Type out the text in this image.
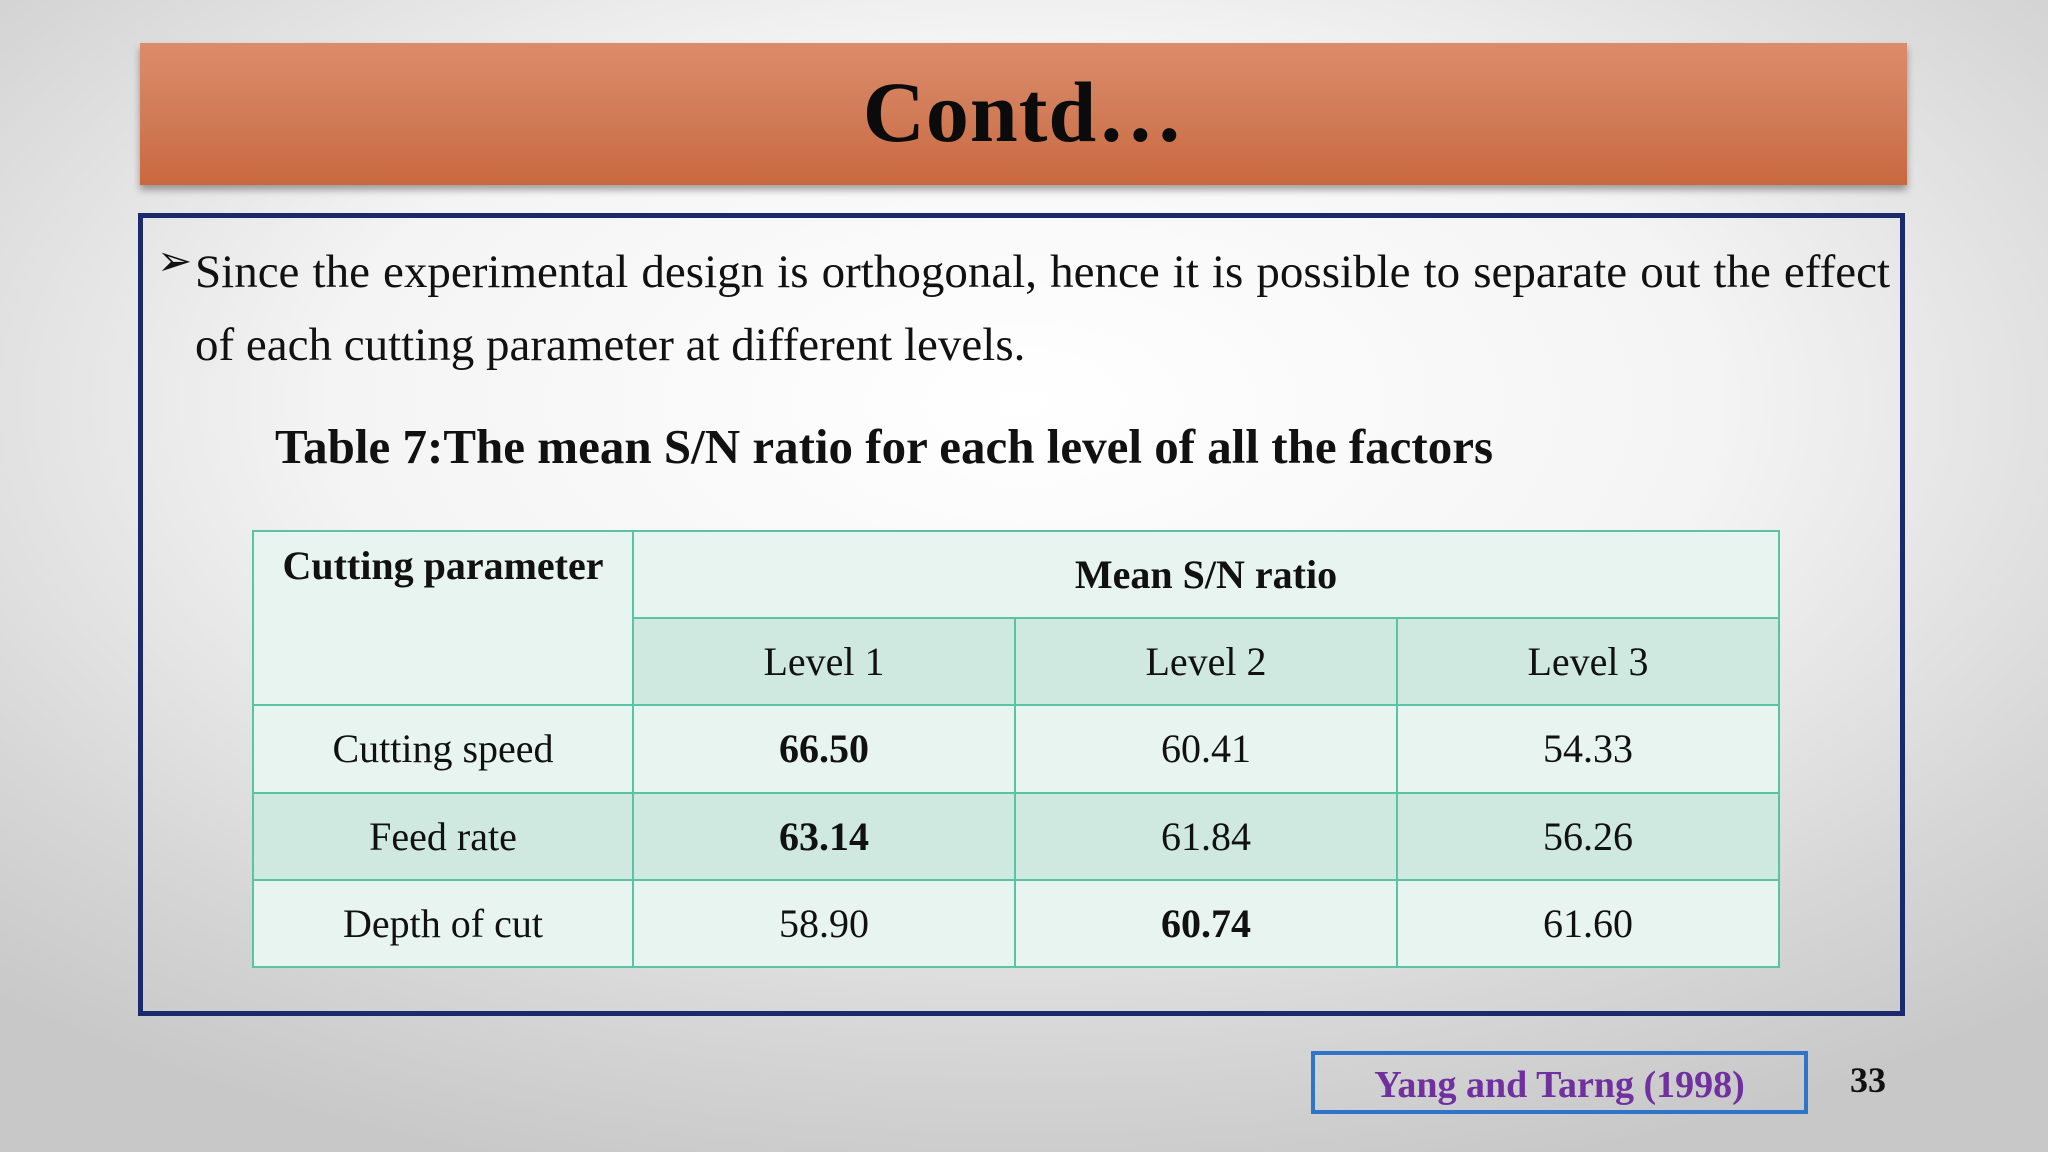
Contd…
➢ Since the experimental design is orthogonal, hence it is possible to separate out the effect of each cutting parameter at different levels.
Table 7:The mean S/N ratio for each level of all the factors
Cutting parameter	Mean S/N ratio		
	Level 1	Level 2	Level 3
Cutting speed	66.50	60.41	54.33
Feed rate	63.14	61.84	56.26
Depth of cut	58.90	60.74	61.60
Yang and Tarng (1998)	33
